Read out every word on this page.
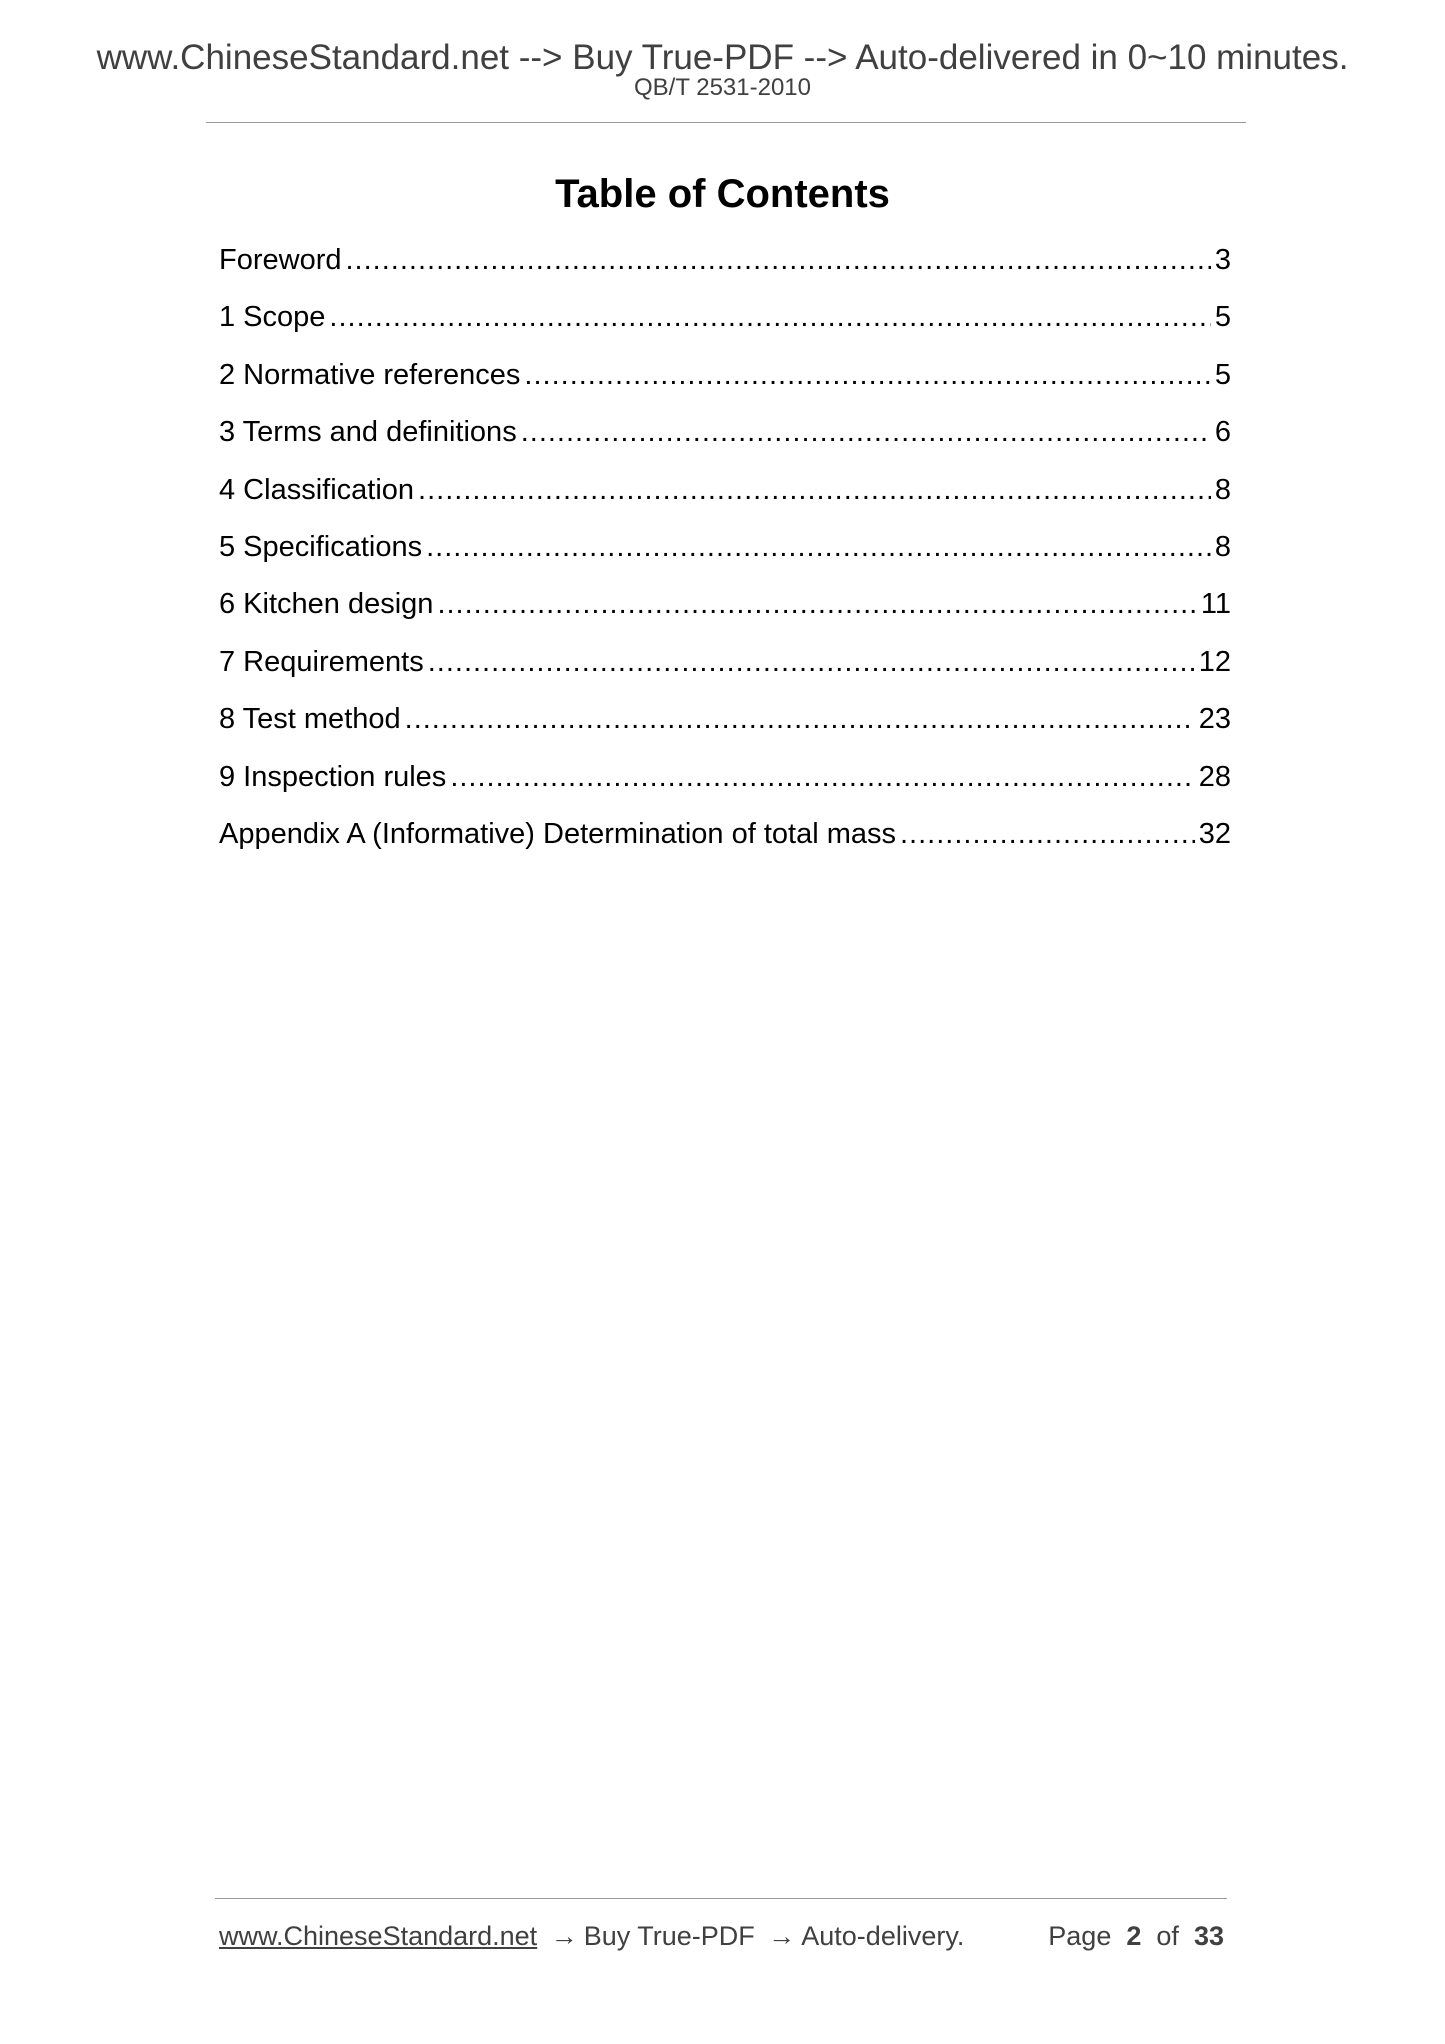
www.ChineseStandard.net --> Buy True-PDF --> Auto-delivered in 0~10 minutes.
QB/T 2531-2010
Table of Contents
Foreword .....	3
1 Scope .....	5
2 Normative references .....	5
3 Terms and definitions .....	6
4 Classification .....	8
5 Specifications .....	8
6 Kitchen design .....	11
7 Requirements .....	12
8 Test method .....	23
9 Inspection rules .....	28
Appendix A (Informative) Determination of total mass .....	32
www.ChineseStandard.net → Buy True-PDF → Auto-delivery.	Page 2 of 33
